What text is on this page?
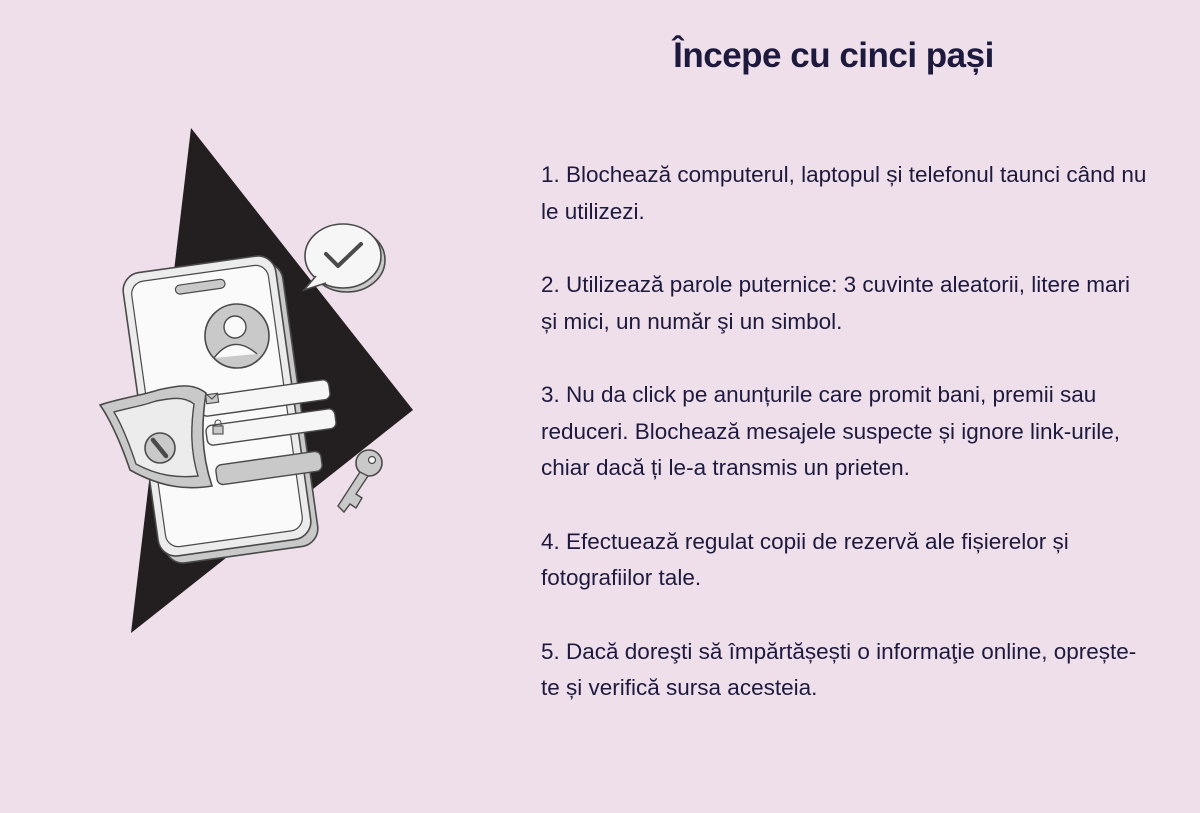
Începe cu cinci pași
1. Blochează computerul, laptopul și telefonul taunci când nu le utilizezi.
2. Utilizează parole puternice: 3 cuvinte aleatorii, litere mari și mici, un număr şi un simbol.
3. Nu da click pe anunțurile care promit bani, premii sau reduceri. Blochează mesajele suspecte și ignore link-urile, chiar dacă ți le-a transmis un prieten.
4. Efectuează regulat copii de rezervă ale fișierelor și fotografiilor tale.
5. Dacă doreşti să împărtășești o informaţie online, oprește-te și verifică sursa acesteia.
